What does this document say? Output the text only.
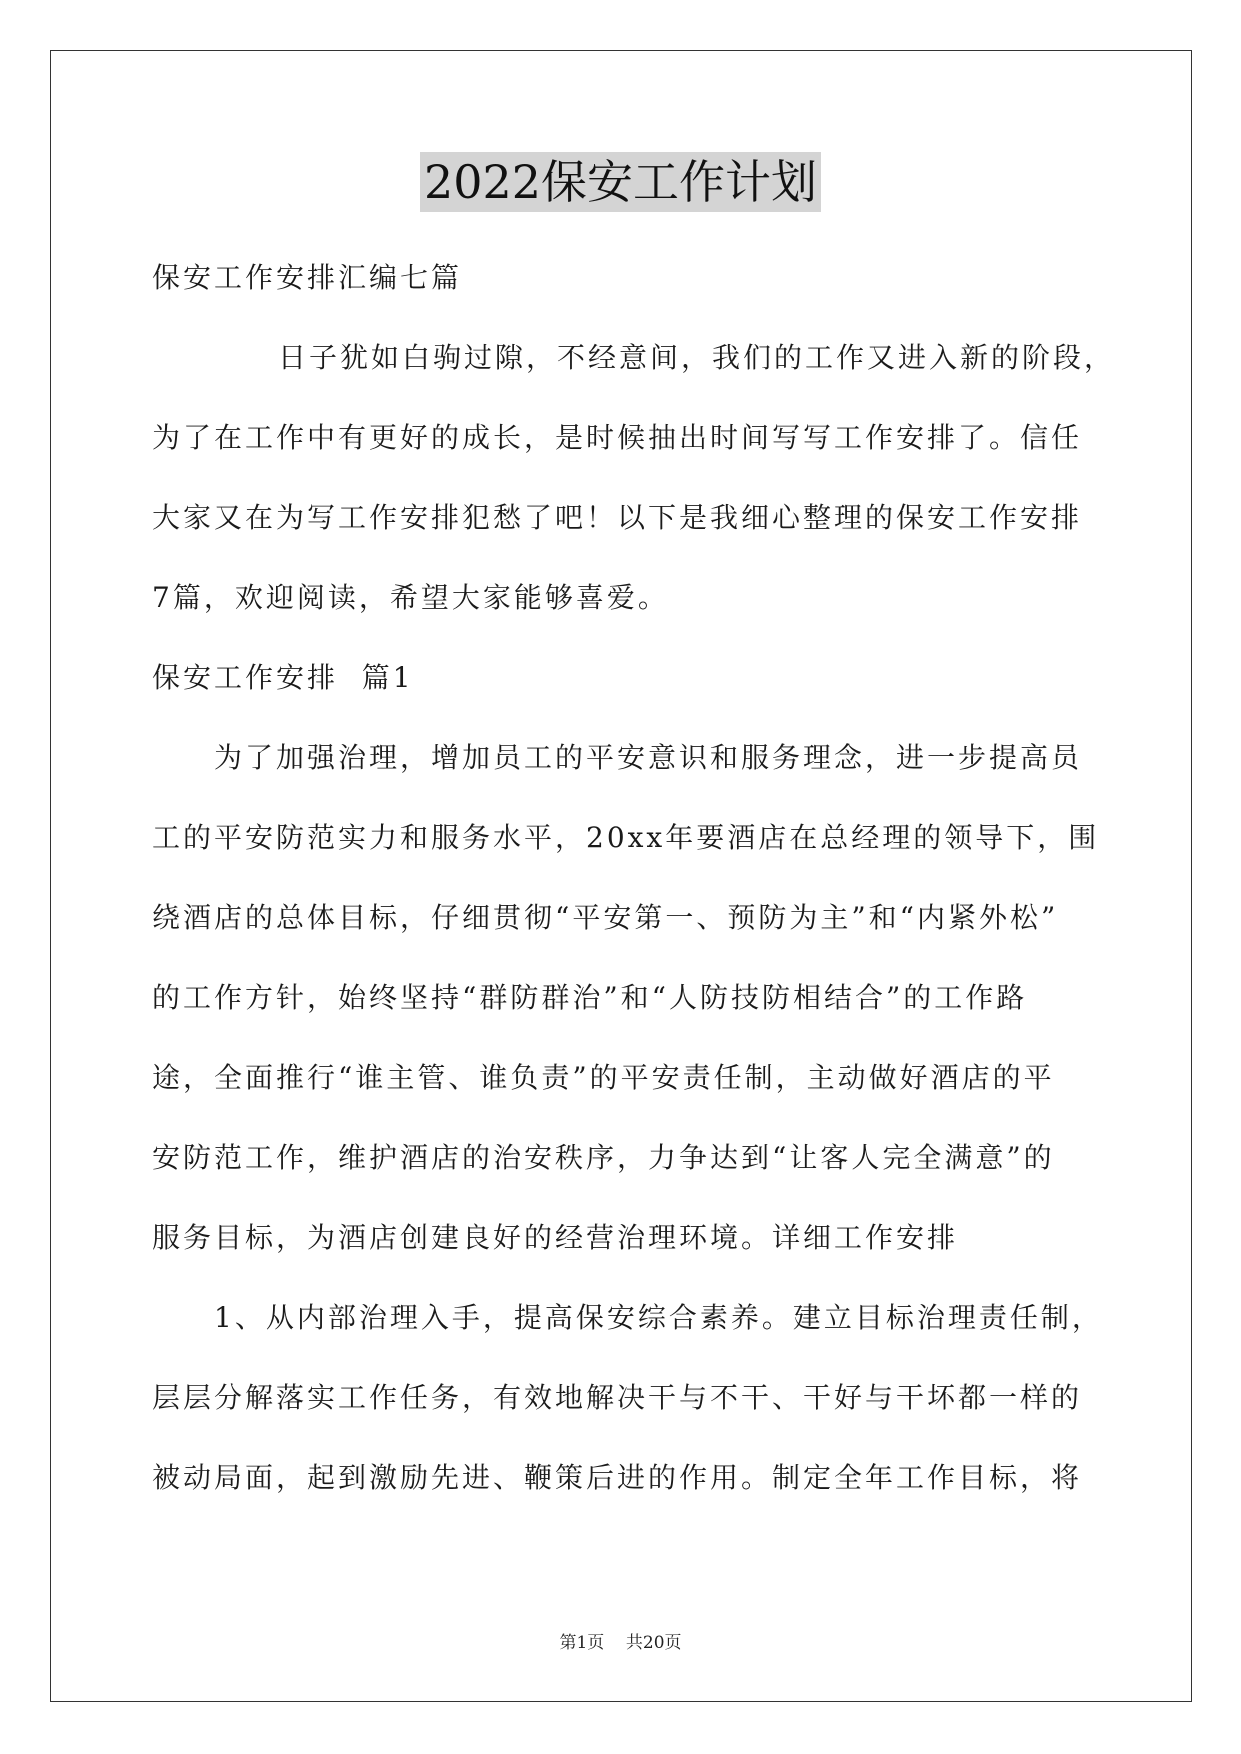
2022保安工作计划
保安工作安排汇编七篇
日子犹如白驹过隙，不经意间，我们的工作又进入新的阶段，
为了在工作中有更好的成长，是时候抽出时间写写工作安排了。信任
大家又在为写工作安排犯愁了吧！以下是我细心整理的保安工作安排
7篇，欢迎阅读，希望大家能够喜爱。
保安工作安排  篇1
为了加强治理，增加员工的平安意识和服务理念，进一步提高员
工的平安防范实力和服务水平，20xx年要酒店在总经理的领导下，围
绕酒店的总体目标，仔细贯彻“平安第一、预防为主”和“内紧外松”
的工作方针，始终坚持“群防群治”和“人防技防相结合”的工作路
途，全面推行“谁主管、谁负责”的平安责任制，主动做好酒店的平
安防范工作，维护酒店的治安秩序，力争达到“让客人完全满意”的
服务目标，为酒店创建良好的经营治理环境。详细工作安排
1、从内部治理入手，提高保安综合素养。建立目标治理责任制，
层层分解落实工作任务，有效地解决干与不干、干好与干坏都一样的
被动局面，起到激励先进、鞭策后进的作用。制定全年工作目标，将
第1页    共20页
